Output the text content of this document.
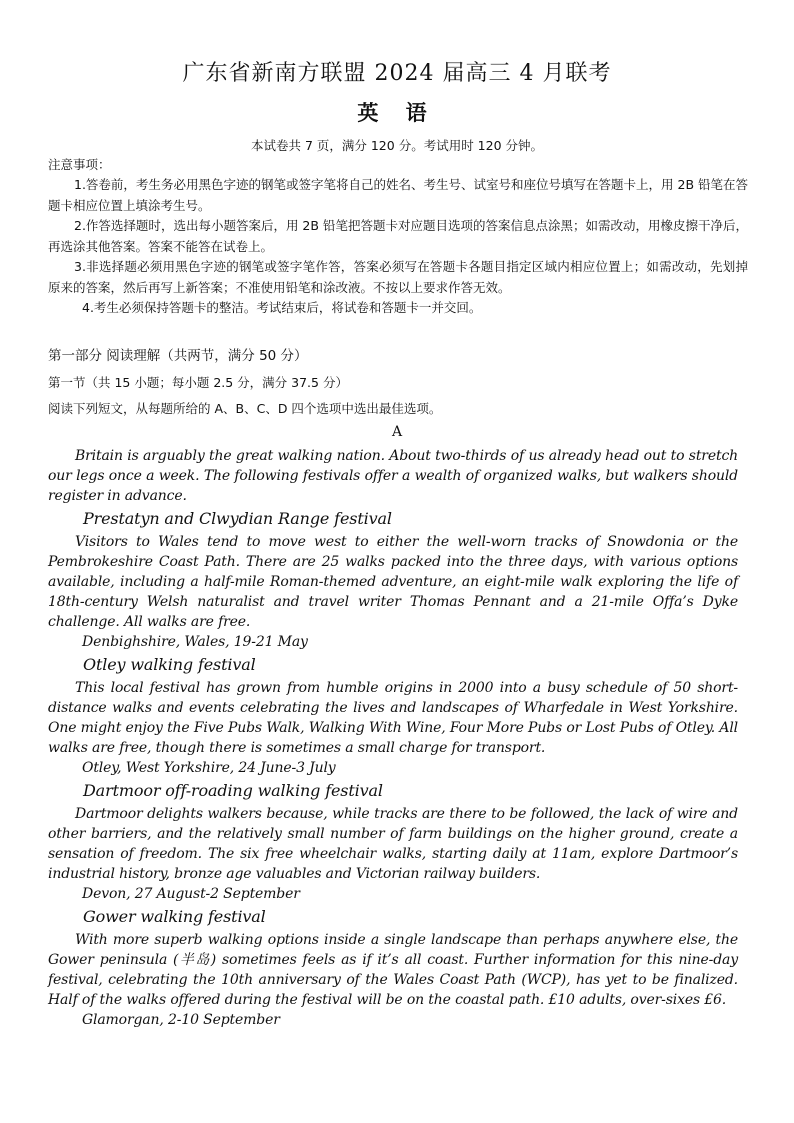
广东省新南方联盟 2024 届高三 4 月联考
英 语
本试卷共 7 页，满分 120 分。考试用时 120 分钟。
注意事项：

1.答卷前，考生务必用黑色字迹的钢笔或签字笔将自己的姓名、考生号、试室号和座位号填写在答题卡上，用 2B 铅笔在答题卡相应位置上填涂考生号。

2.作答选择题时，选出每小题答案后，用 2B 铅笔把答题卡对应题目选项的答案信息点涂黑；如需改动，用橡皮擦干净后，再选涂其他答案。答案不能答在试卷上。

3.非选择题必须用黑色字迹的钢笔或签字笔作答，答案必须写在答题卡各题目指定区域内相应位置上；如需改动，先划掉原来的答案，然后再写上新答案；不准使用铅笔和涂改液。不按以上要求作答无效。

4.考生必须保持答题卡的整洁。考试结束后，将试卷和答题卡一并交回。

第一部分 阅读理解（共两节，满分 50 分）
第一节（共 15 小题；每小题 2.5 分，满分 37.5 分）
阅读下列短文，从每题所给的 A、B、C、D 四个选项中选出最佳选项。
A

Britain is arguably the great walking nation. About two-thirds of us already head out to stretch our legs once a week. The following festivals offer a wealth of organized walks, but walkers should register in advance.

Prestatyn and Clwydian Range festival

Visitors to Wales tend to move west to either the well-worn tracks of Snowdonia or the Pembrokeshire Coast Path. There are 25 walks packed into the three days, with various options available, including a half-mile Roman-themed adventure, an eight-mile walk exploring the life of 18th-century Welsh naturalist and travel writer Thomas Pennant and a 21-mile Offa’s Dyke challenge. All walks are free.

Denbighshire, Wales, 19-21 May

Otley walking festival

This local festival has grown from humble origins in 2000 into a busy schedule of 50 short-distance walks and events celebrating the lives and landscapes of Wharfedale in West Yorkshire. One might enjoy the Five Pubs Walk, Walking With Wine, Four More Pubs or Lost Pubs of Otley. All walks are free, though there is sometimes a small charge for transport.

Otley, West Yorkshire, 24 June-3 July

Dartmoor off-roading walking festival

Dartmoor delights walkers because, while tracks are there to be followed, the lack of wire and other barriers, and the relatively small number of farm buildings on the higher ground, create a sensation of freedom. The six free wheelchair walks, starting daily at 11am, explore Dartmoor’s industrial history, bronze age valuables and Victorian railway builders.

Devon, 27 August-2 September

Gower walking festival

With more superb walking options inside a single landscape than perhaps anywhere else, the Gower peninsula (半岛) sometimes feels as if it’s all coast. Further information for this nine-day festival, celebrating the 10th anniversary of the Wales Coast Path (WCP), has yet to be finalized. Half of the walks offered during the festival will be on the coastal path. £10 adults, over-sixes £6.

Glamorgan, 2-10 September
